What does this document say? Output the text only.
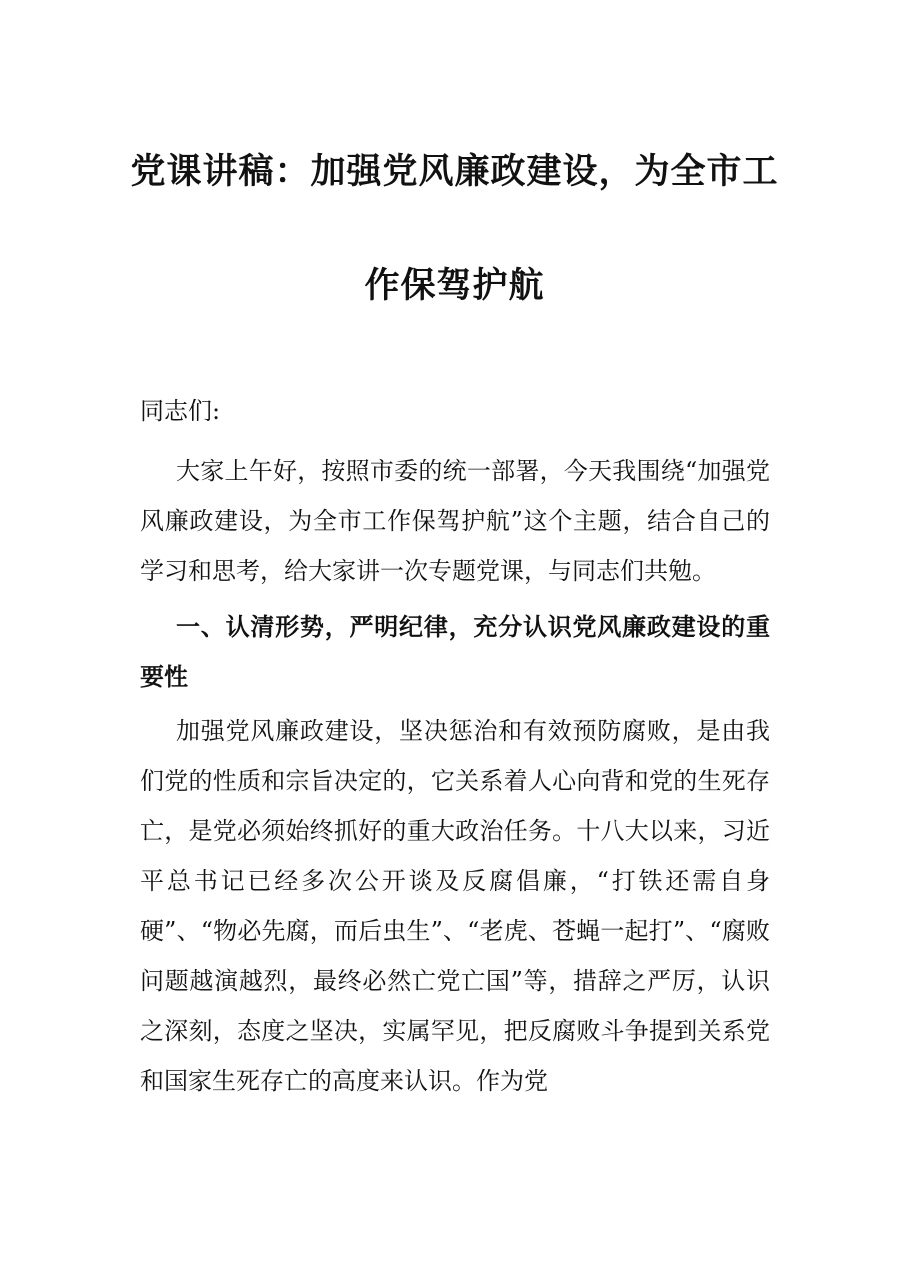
党课讲稿：加强党风廉政建设，为全市工
作保驾护航
同志们:
大家上午好，按照市委的统一部署，今天我围绕“加强党风廉政建设，为全市工作保驾护航”这个主题，结合自己的学习和思考，给大家讲一次专题党课，与同志们共勉。
一、认清形势，严明纪律，充分认识党风廉政建设的重要性
加强党风廉政建设，坚决惩治和有效预防腐败，是由我们党的性质和宗旨决定的，它关系着人心向背和党的生死存亡，是党必须始终抓好的重大政治任务。十八大以来，习近平总书记已经多次公开谈及反腐倡廉，“打铁还需自身硬”、“物必先腐，而后虫生”、“老虎、苍蝇一起打”、“腐败问题越演越烈，最终必然亡党亡国”等，措辞之严厉，认识之深刻，态度之坚决，实属罕见，把反腐败斗争提到关系党和国家生死存亡的高度来认识。作为党
